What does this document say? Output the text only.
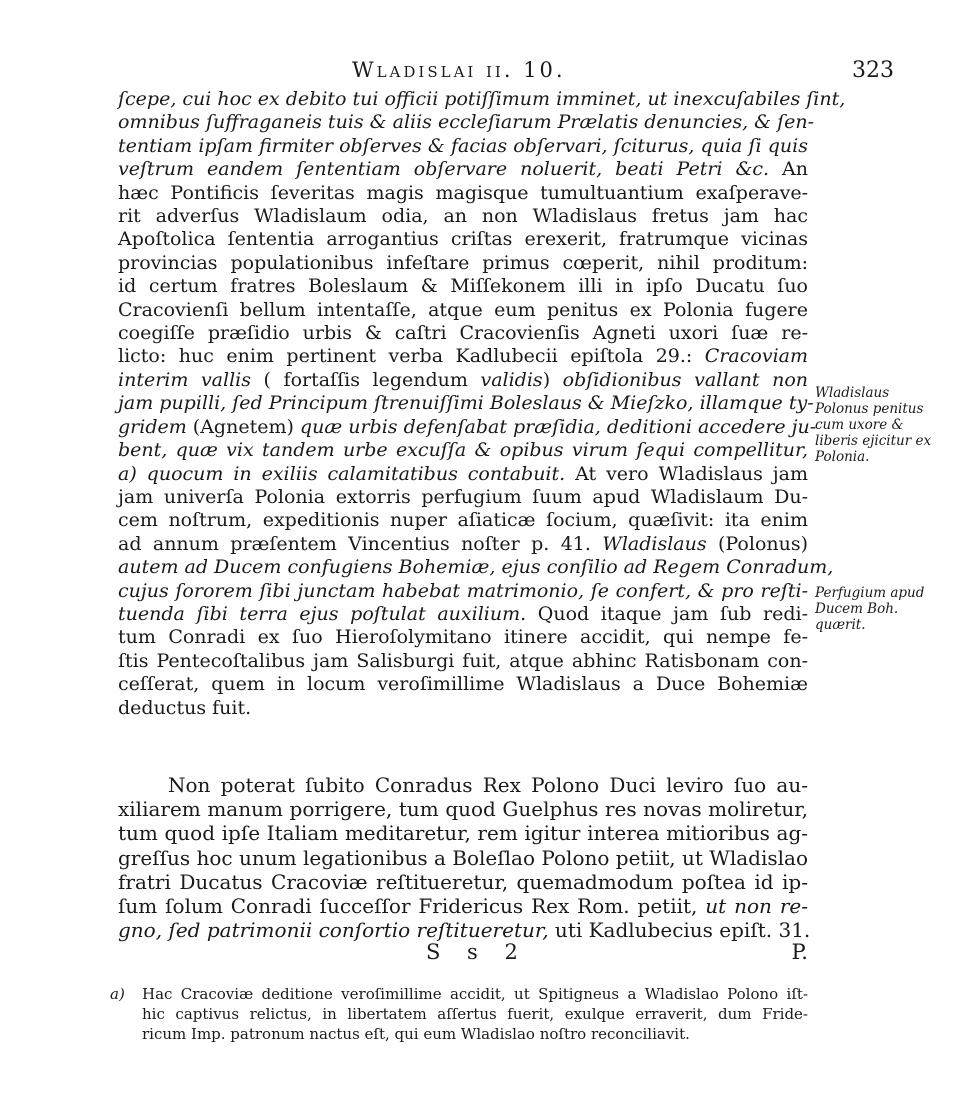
Wladislai ii. 10.	323
ſcepe, cui hoc ex debito tui officii potiſſimum imminet, ut inexcuſabiles ſint,
omnibus ſuffraganeis tuis & aliis eccleſiarum Prælatis denuncies, & ſen-
tentiam ipſam firmiter obſerves & facias obſervari, ſciturus, quia ſi quis
veſtrum eandem ſententiam obſervare noluerit, beati Petri &c. An
hæc Pontificis ſeveritas magis magisque tumultuantium exaſperave-
rit adverſus Wladislaum odia, an non Wladislaus fretus jam hac
Apoſtolica ſententia arrogantius criſtas erexerit, fratrumque vicinas
provincias populationibus infeſtare primus cœperit, nihil proditum:
id certum fratres Boleslaum & Miſſekonem illi in ipſo Ducatu ſuo
Cracovienſi bellum intentaſſe, atque eum penitus ex Polonia fugere
coegiſſe præſidio urbis & caſtri Cracovienſis Agneti uxori ſuæ re-
licto: huc enim pertinent verba Kadlubecii epiſtola 29.: Cracoviam
interim vallis ( fortaſſis legendum validis) obſidionibus vallant non
jam pupilli, ſed Principum ſtrenuiſſimi Boleslaus & Mieſzko, illamque ty-
gridem (Agnetem) quæ urbis defenſabat præſidia, deditioni accedere ju-
bent, quæ vix tandem urbe excuſſa & opibus virum ſequi compellitur,
a) quocum in exiliis calamitatibus contabuit. At vero Wladislaus jam
jam univerſa Polonia extorris perfugium ſuum apud Wladislaum Du-
cem noſtrum, expeditionis nuper aſiaticæ ſocium, quæſivit: ita enim
ad annum præſentem Vincentius noſter p. 41. Wladislaus (Polonus)
autem ad Ducem confugiens Bohemiæ, ejus conſilio ad Regem Conradum,
cujus ſororem ſibi junctam habebat matrimonio, ſe confert, & pro reſti-
tuenda ſibi terra ejus poſtulat auxilium. Quod itaque jam ſub redi-
tum Conradi ex ſuo Hieroſolymitano itinere accidit, qui nempe fe-
ſtis Pentecoſtalibus jam Salisburgi fuit, atque abhinc Ratisbonam con-
ceſſerat, quem in locum veroſimillime Wladislaus a Duce Bohemiæ
deductus fuit.
Wladislaus Polonus penitus cum uxore & liberis ejicitur ex Polonia.
Perfugium apud Ducem Boh. quærit.
Non poterat ſubito Conradus Rex Polono Duci leviro ſuo au-
xiliarem manum porrigere, tum quod Guelphus res novas moliretur,
tum quod ipſe Italiam meditaretur, rem igitur interea mitioribus ag-
greſſus hoc unum legationibus a Boleſlao Polono petiit, ut Wladislao
fratri Ducatus Cracoviæ reſtitueretur, quemadmodum poſtea id ip-
ſum ſolum Conradi ſucceſſor Fridericus Rex Rom. petiit, ut non re-
gno, ſed patrimonii conſortio reſtitueretur, uti Kadlubecius epiſt. 31.
S s 2	P.
a) Hac Cracoviæ deditione veroſimillime accidit, ut Spitigneus a Wladislao Polono iſt-
hic captivus relictus, in libertatem aſſertus fuerit, exulque erraverit, dum Fride-
ricum Imp. patronum nactus eſt, qui eum Wladislao noſtro reconciliavit.
